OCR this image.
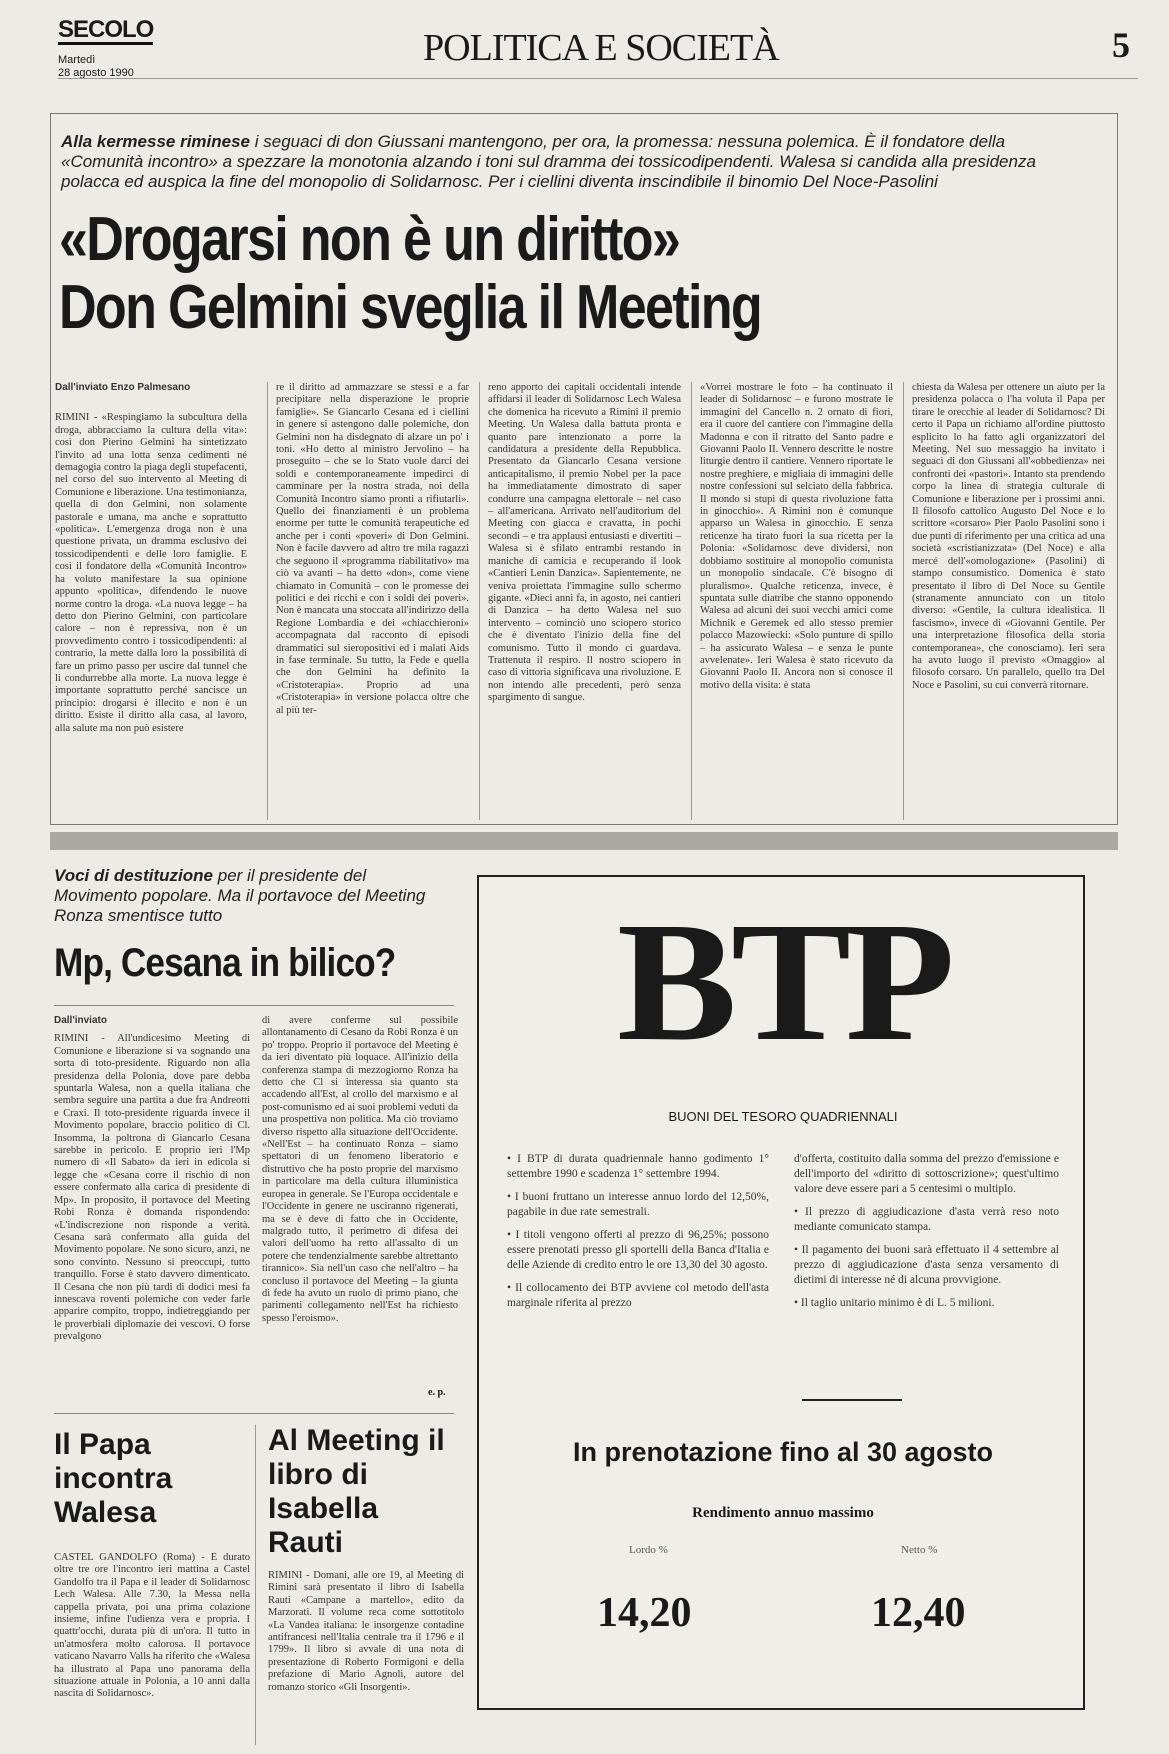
SECOLO
Martedì
28 agosto 1990
POLITICA E SOCIETÀ	5
Alla kermesse riminese i seguaci di don Giussani mantengono, per ora, la promessa: nessuna polemica. È il fondatore della «Comunità incontro» a spezzare la monotonia alzando i toni sul dramma dei tossicodipendenti. Walesa si candida alla presidenza polacca ed auspica la fine del monopolio di Solidarnosc. Per i ciellini diventa inscindibile il binomio Del Noce-Pasolini
«Drogarsi non è un diritto»
Don Gelmini sveglia il Meeting
Dall'inviato Enzo Palmesano
RIMINI - «Respingiamo la subcultura della droga, abbracciamo la cultura della vita»: così don Pierino Gelmini ha sintetizzato l'invito ad una lotta senza cedimenti né demagogia contro la piaga degli stupefacenti, nel corso del suo intervento al Meeting di Comunione e liberazione. Una testimonianza, quella di don Gelmini, non solamente pastorale e umana, ma anche e soprattutto «politica». L'emergenza droga non è una questione privata, un dramma esclusivo dei tossicodipendenti e delle loro famiglie. E così il fondatore della «Comunità Incontro» ha voluto manifestare la sua opinione appunto «politica», difendendo le nuove norme contro la droga. «La nuova legge – ha detto don Pierino Gelmini, con particolare calore – non è repressiva, non è un provvedimento contro i tossicodipendenti: al contrario, la mette dalla loro la possibilità di fare un primo passo per uscire dal tunnel che li condurrebbe alla morte. La nuova legge è importante soprattutto perché sancisce un principio: drogarsi è illecito e non è un diritto. Esiste il diritto alla casa, al lavoro, alla salute ma non può esistere
re il diritto ad ammazzare se stessi e a far precipitare nella disperazione le proprie famiglie». Se Giancarlo Cesana ed i ciellini in genere si astengono dalle polemiche, don Gelmini non ha disdegnato di alzare un po' i toni. «Ho detto al ministro Jervolino – ha proseguito – che se lo Stato vuole darci dei soldi e contemporaneamente impedirci di camminare per la nostra strada, noi della Comunità Incontro siamo pronti a rifiutarli». Quello dei finanziamenti è un problema enorme per tutte le comunità terapeutiche ed anche per i conti «poveri» di Don Gelmini. Non è facile davvero ad altro tre mila ragazzi che seguono il «programma riabilitativo» ma ciò va avanti – ha detto «don», come viene chiamato in Comunità – con le promesse dei politici e dei ricchi e con i soldi dei poveri». Non è mancata una stoccata all'indirizzo della Regione Lombardia e dei «chiacchieroni» accompagnata dal racconto di episodi drammatici sul sieropositivi ed i malati Aids in fase terminale. Su tutto, la Fede e quella che don Gelmini ha definito la «Cristoterapia». Proprio ad una «Cristoterapia» in versione polacca oltre che al più ter-
reno apporto dei capitali occidentali intende affidarsi il leader di Solidarnosc Lech Walesa che domenica ha ricevuto a Rimini il premio Meeting. Un Walesa dalla battuta pronta e quanto pare intenzionato a porre la candidatura a presidente della Repubblica. Presentato da Giancarlo Cesana versione anticapitalismo, il premio Nobel per la pace ha immediatamente dimostrato di saper condurre una campagna elettorale – nel caso – all'americana. Arrivato nell'auditorium del Meeting con giacca e cravatta, in pochi secondi – e tra applausi entusiasti e divertiti – Walesa si è sfilato entrambi restando in maniche di camicia e recuperando il look «Cantieri Lenin Danzica». Sapientemente, ne veniva proiettata l'immagine sullo schermo gigante. «Dieci anni fa, in agosto, nei cantieri di Danzica – ha detto Walesa nel suo intervento – cominciò uno sciopero storico che è diventato l'inizio della fine del comunismo. Tutto il mondo ci guardava. Trattenuta il respiro. Il nostro sciopero in caso di vittoria significava una rivoluzione. E non intendo alle precedenti, però senza spargimento di sangue.
«Vorrei mostrare le foto – ha continuato il leader di Solidarnosc – e furono mostrate le immagini del Cancello n. 2 ornato di fiori, era il cuore del cantiere con l'immagine della Madonna e con il ritratto del Santo padre e Giovanni Paolo II. Vennero descritte le nostre liturgie dentro il cantiere. Vennero riportate le nostre preghiere, e migliaia di immagini delle nostre confessioni sul selciato della fabbrica. Il mondo si stupì di questa rivoluzione fatta in ginocchio». A Rimini non è comunque apparso un Walesa in ginocchio. E senza reticenze ha tirato fuori la sua ricetta per la Polonia: «Solidarnosc deve dividersi, non dobbiamo sostituire al monopolio comunista un monopolio sindacale. C'è bisogno di pluralismo». Qualche reticenza, invece, è spuntata sulle diatribe che stanno opponendo Walesa ad alcuni dei suoi vecchi amici come Michnik e Geremek ed allo stesso premier polacco Mazowiecki: «Solo punture di spillo – ha assicurato Walesa – e senza le punte avvelenate». Ieri Walesa è stato ricevuto da Giovanni Paolo II. Ancora non si conosce il motivo della visita: è stata
chiesta da Walesa per ottenere un aiuto per la presidenza polacca o l'ha voluta il Papa per tirare le orecchie al leader di Solidarnosc? Di certo il Papa un richiamo all'ordine piuttosto esplicito lo ha fatto agli organizzatori del Meeting. Nel suo messaggio ha invitato i seguaci di don Giussani all'«obbedienza» nei confronti dei «pastori». Intanto sta prendendo corpo la linea di strategia culturale di Comunione e liberazione per i prossimi anni. Il filosofo cattolico Augusto Del Noce e lo scrittore «corsaro» Pier Paolo Pasolini sono i due punti di riferimento per una critica ad una società «scristianizzata» (Del Noce) e alla mercé dell'«omologazione» (Pasolini) di stampo consumistico. Domenica è stato presentato il libro di Del Noce su Gentile (stranamente annunciato con un titolo diverso: «Gentile, la cultura idealistica. Il fascismo», invece di «Giovanni Gentile. Per una interpretazione filosofica della storia contemporanea», che conosciamo). Ieri sera ha avuto luogo il previsto «Omaggio» al filosofo corsaro. Un parallelo, quello tra Del Noce e Pasolini, su cui converrà ritornare.
Voci di destituzione per il presidente del Movimento popolare. Ma il portavoce del Meeting Ronza smentisce tutto
Mp, Cesana in bilico?
Dall'inviato
RIMINI - All'undicesimo Meeting di Comunione e liberazione si va sognando una sorta di toto-presidente. Riguardo non alla presidenza della Polonia, dove pare debba spuntarla Walesa, non a quella italiana che sembra seguire una partita a due fra Andreotti e Craxi. Il toto-presidente riguarda invece il Movimento popolare, braccio politico di Cl. Insomma, la poltrona di Giancarlo Cesana sarebbe in pericolo. E proprio ieri l'Mp numero di «Il Sabato» da ieri in edicola si legge che «Cesana corre il rischio di non essere confermato alla carica di presidente di Mp». In proposito, il portavoce del Meeting Robi Ronza è domanda rispondendo: «L'indiscrezione non risponde a verità. Cesana sarà confermato alla guida del Movimento popolare. Ne sono sicuro, anzi, ne sono convinto. Nessuno si preoccupi, tutto tranquillo. Forse è stato davvero dimenticato. Il Cesana che non più tardi di dodici mesi fa innescava roventi polemiche con veder farle apparire compito, troppo, indietreggiando per le proverbiali diplomazie dei vescovi. O forse prevalgono
di avere conferme sul possibile allontanamento di Cesano da Robi Ronza è un po' troppo. Proprio il portavoce del Meeting è da ieri diventato più loquace. All'inizio della conferenza stampa di mezzogiorno Ronza ha detto che Cl si interessa sia quanto sta accadendo all'Est, al crollo del marxismo e al post-comunismo ed ai suoi problemi veduti da una prospettiva non politica. Ma ciò troviamo diverso rispetto alla situazione dell'Occidente. «Nell'Est – ha continuato Ronza – siamo spettatori di un fenomeno liberatorio e distruttivo che ha posto proprie del marxismo in particolare ma della cultura illuministica europea in generale. Se l'Europa occidentale e l'Occidente in genere ne usciranno rigenerati, ma se è deve di fatto che in Occidente, malgrado tutto, il perimetro di difesa dei valori dell'uomo ha retto all'assalto di un potere che tendenzialmente sarebbe altrettanto tirannico». Sia nell'un caso che nell'altro – ha concluso il portavoce del Meeting – la giunta di fede ha avuto un ruolo di primo piano, che parimenti collegamento nell'Est ha richiesto spesso l'eroismo».
e. p.
Il Papa incontra Walesa
CASTEL GANDOLFO (Roma) - È durato oltre tre ore l'incontro ieri mattina a Castel Gandolfo tra il Papa e il leader di Solidarnosc Lech Walesa. Alle 7.30, la Messa nella cappella privata, poi una prima colazione insieme, infine l'udienza vera e propria. I quattr'occhi, durata più di un'ora. Il tutto in un'atmosfera molto calorosa. Il portavoce vaticano Navarro Valls ha riferito che «Walesa ha illustrato al Papa uno panorama della situazione attuale in Polonia, a 10 anni dalla nascita di Solidarnosc».
Al Meeting il libro di Isabella Rauti
RIMINI - Domani, alle ore 19, al Meeting di Rimini sarà presentato il libro di Isabella Rauti «Campane a martello», edito da Marzorati. Il volume reca come sottotitolo «La Vandea italiana: le insorgenze contadine antifrancesi nell'Italia centrale tra il 1796 e il 1799». Il libro si avvale di una nota di presentazione di Roberto Formigoni e della prefazione di Mario Agnoli, autore del romanzo storico «Gli Insorgenti».
BTP
BUONI DEL TESORO QUADRIENNALI

• I BTP di durata quadriennale hanno godimento 1° settembre 1990 e scadenza 1° settembre 1994.

• I buoni fruttano un interesse annuo lordo del 12,50%, pagabile in due rate semestrali.

• I titoli vengono offerti al prezzo di 96,25%; possono essere prenotati presso gli sportelli della Banca d'Italia e delle Aziende di credito entro le ore 13,30 del 30 agosto.

• Il collocamento dei BTP avviene col metodo dell'asta marginale riferita al prezzo

d'offerta, costituito dalla somma del prezzo d'emissione e dell'importo del «diritto di sottoscrizione»; quest'ultimo valore deve essere pari a 5 centesimi o multiplo.

• Il prezzo di aggiudicazione d'asta verrà reso noto mediante comunicato stampa.

• Il pagamento dei buoni sarà effettuato il 4 settembre al prezzo di aggiudicazione d'asta senza versamento di dietimi di interesse né di alcuna provvigione.

• Il taglio unitario minimo è di L. 5 milioni.

In prenotazione fino al 30 agosto
Rendimento annuo massimo
Lordo %	Netto %
14,20	12,40
